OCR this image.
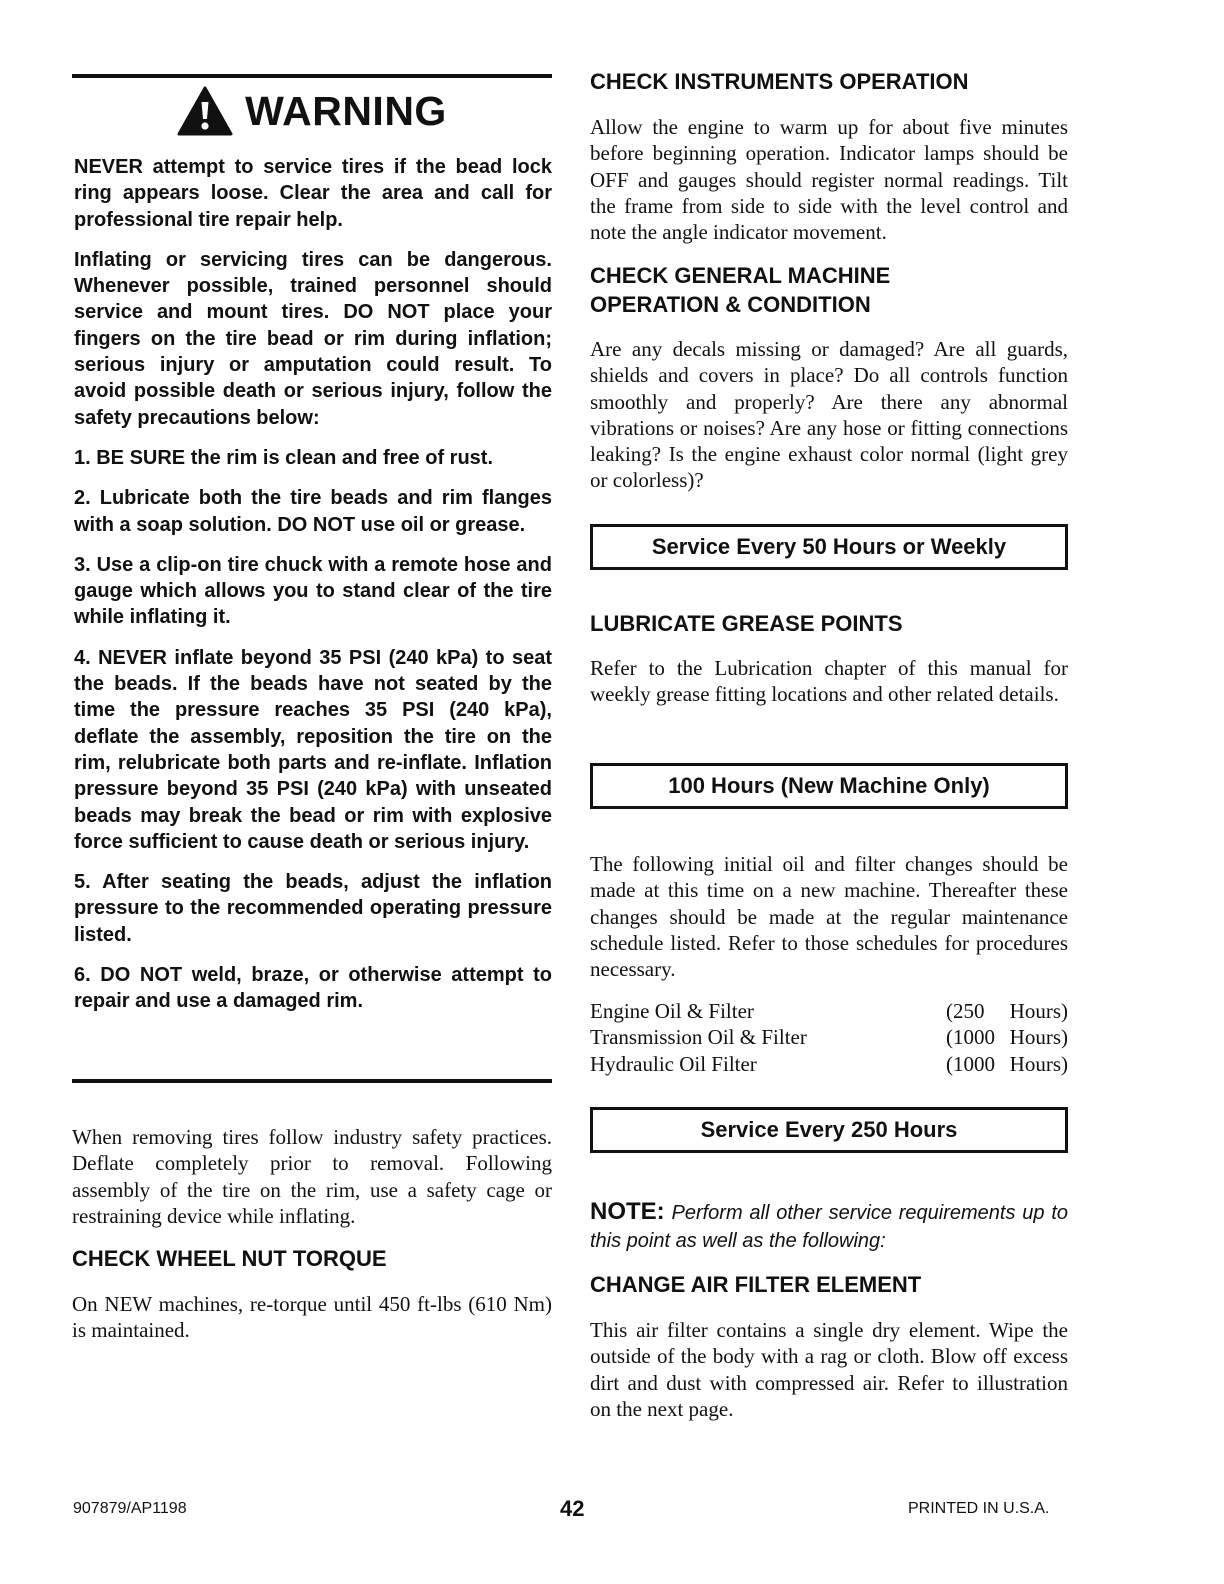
WARNING

NEVER attempt to service tires if the bead lock ring appears loose. Clear the area and call for professional tire repair help.

Inflating or servicing tires can be dangerous. Whenever possible, trained personnel should service and mount tires. DO NOT place your fingers on the tire bead or rim during inflation; serious injury or amputation could result. To avoid possible death or serious injury, follow the safety precautions below:

1. BE SURE the rim is clean and free of rust.

2. Lubricate both the tire beads and rim flanges with a soap solution. DO NOT use oil or grease.

3. Use a clip-on tire chuck with a remote hose and gauge which allows you to stand clear of the tire while inflating it.

4. NEVER inflate beyond 35 PSI (240 kPa) to seat the beads. If the beads have not seated by the time the pressure reaches 35 PSI (240 kPa), deflate the assembly, reposition the tire on the rim, relubricate both parts and re-inflate. Inflation pressure beyond 35 PSI (240 kPa) with unseated beads may break the bead or rim with explosive force sufficient to cause death or serious injury.

5. After seating the beads, adjust the inflation pressure to the recommended operating pressure listed.

6. DO NOT weld, braze, or otherwise attempt to repair and use a damaged rim.

When removing tires follow industry safety practices. Deflate completely prior to removal. Following assembly of the tire on the rim, use a safety cage or restraining device while inflating.

CHECK WHEEL NUT TORQUE

On NEW machines, re-torque until 450 ft-lbs (610 Nm) is maintained.

CHECK INSTRUMENTS OPERATION

Allow the engine to warm up for about five minutes before beginning operation. Indicator lamps should be OFF and gauges should register normal readings. Tilt the frame from side to side with the level control and note the angle indicator movement.

CHECK GENERAL MACHINE
OPERATION & CONDITION

Are any decals missing or damaged? Are all guards, shields and covers in place? Do all controls function smoothly and properly? Are there any abnormal vibrations or noises? Are any hose or fitting connections leaking? Is the engine exhaust color normal (light grey or colorless)?

Service Every 50 Hours or Weekly
LUBRICATE GREASE POINTS

Refer to the Lubrication chapter of this manual for weekly grease fitting locations and other related details.

100 Hours (New Machine Only)

The following initial oil and filter changes should be made at this time on a new machine. Thereafter these changes should be made at the regular maintenance schedule listed. Refer to those schedules for procedures necessary.

Engine Oil & Filter	(250 Hours)
Transmission Oil & Filter	(1000 Hours)
Hydraulic Oil Filter	(1000 Hours)
Service Every 250 Hours
NOTE: Perform all other service requirements up to this point as well as the following:
CHANGE AIR FILTER ELEMENT

This air filter contains a single dry element. Wipe the outside of the body with a rag or cloth. Blow off excess dirt and dust with compressed air. Refer to illustration on the next page.

907879/AP1198	42	PRINTED IN U.S.A.
